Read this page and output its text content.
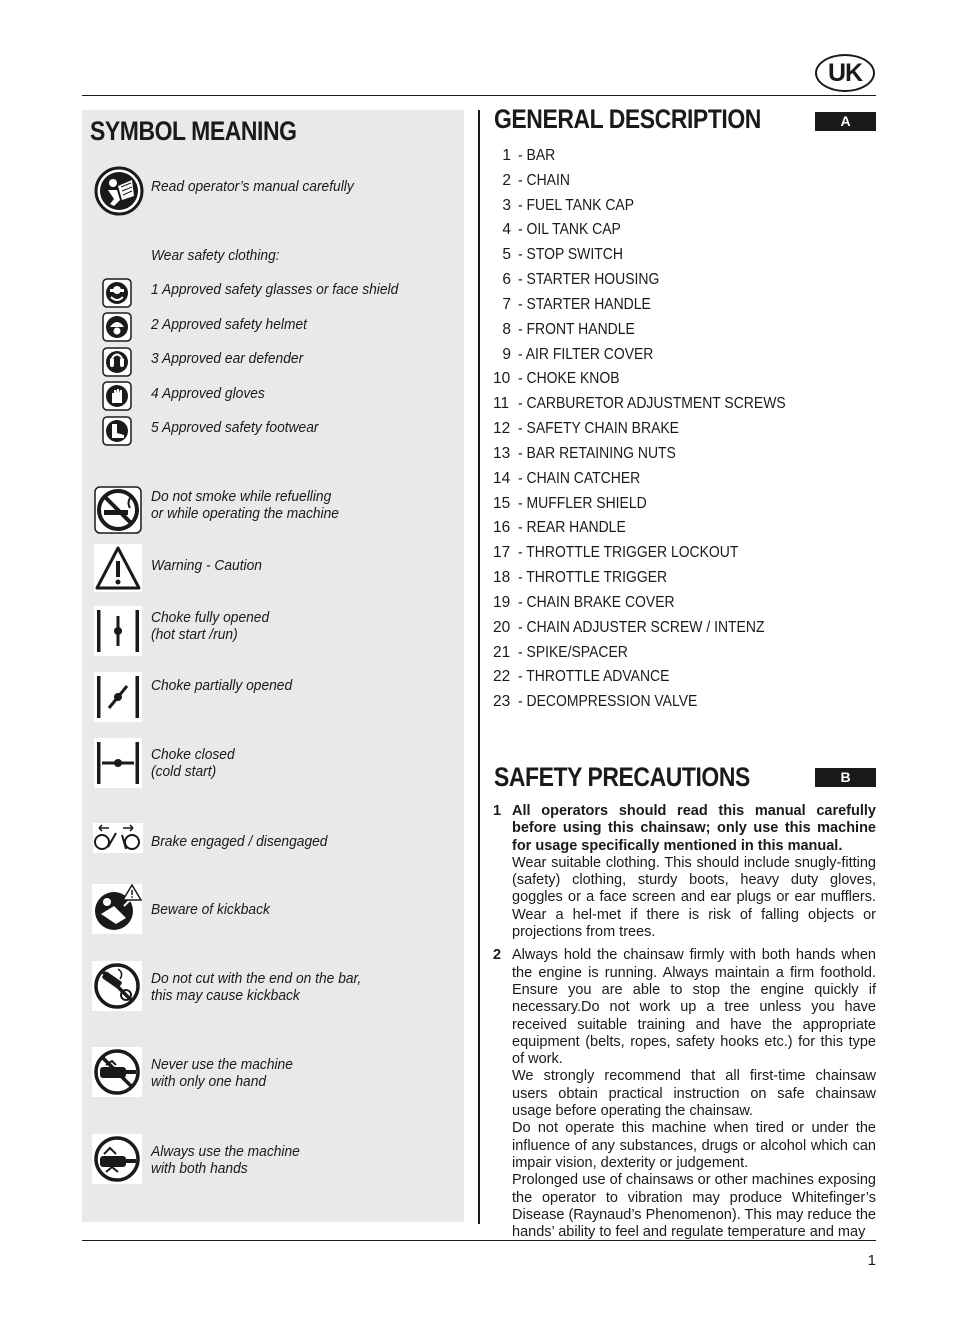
UK
1
SYMBOL MEANING
Read operator’s manual carefully
Wear safety clothing:
1 Approved safety glasses or face shield
2 Approved safety helmet
3 Approved ear defender
4 Approved gloves
5 Approved safety footwear
Do not smoke while refuelling
or while operating the machine
Warning - Caution
Choke fully opened
(hot start /run)
Choke partially opened
Choke closed
(cold start)
Brake engaged / disengaged
Beware of kickback
Do not cut with the end on the bar,
this may cause kickback
Never use the machine
with only one hand
Always use the machine
with both hands
GENERAL DESCRIPTION	A
1 - BAR
2 - CHAIN
3 - FUEL TANK CAP
4 - OIL TANK CAP
5 - STOP SWITCH
6 - STARTER HOUSING
7 - STARTER HANDLE
8 - FRONT HANDLE
9 - AIR FILTER COVER
10 - CHOKE KNOB
11 - CARBURETOR ADJUSTMENT SCREWS
12 - SAFETY CHAIN BRAKE
13 - BAR RETAINING NUTS
14 - CHAIN CATCHER
15 - MUFFLER SHIELD
16 - REAR HANDLE
17 - THROTTLE TRIGGER LOCKOUT
18 - THROTTLE TRIGGER
19 - CHAIN BRAKE COVER
20 - CHAIN ADJUSTER SCREW / INTENZ
21 - SPIKE/SPACER
22 - THROTTLE ADVANCE
23 - DECOMPRESSION VALVE
SAFETY PRECAUTIONS	B
1 All operators should read this manual carefully before using this chainsaw; only use this machine for usage specifically mentioned in this manual.
Wear suitable clothing. This should include snugly-fitting (safety) clothing, sturdy boots, heavy duty gloves, goggles or a face screen and ear plugs or ear mufflers. Wear a hel-met if there is risk of falling objects or projections from trees.
2 Always hold the chainsaw firmly with both hands when the engine is running. Always maintain a firm foothold. Ensure you are able to stop the engine quickly if necessary.Do not work up a tree unless you have received suitable training and have the appropriate equipment (belts, ropes, safety hooks etc.) for this type of work.
We strongly recommend that all first-time chainsaw users obtain practical instruction on safe chainsaw usage before operating the chainsaw.
Do not operate this machine when tired or under the influence of any substances, drugs or alcohol which can impair vision, dexterity or judgement.
Prolonged use of chainsaws or other machines exposing the operator to vibration may produce Whitefinger’s Disease (Raynaud’s Phenomenon). This may reduce the hands’ ability to feel and regulate temperature and may
